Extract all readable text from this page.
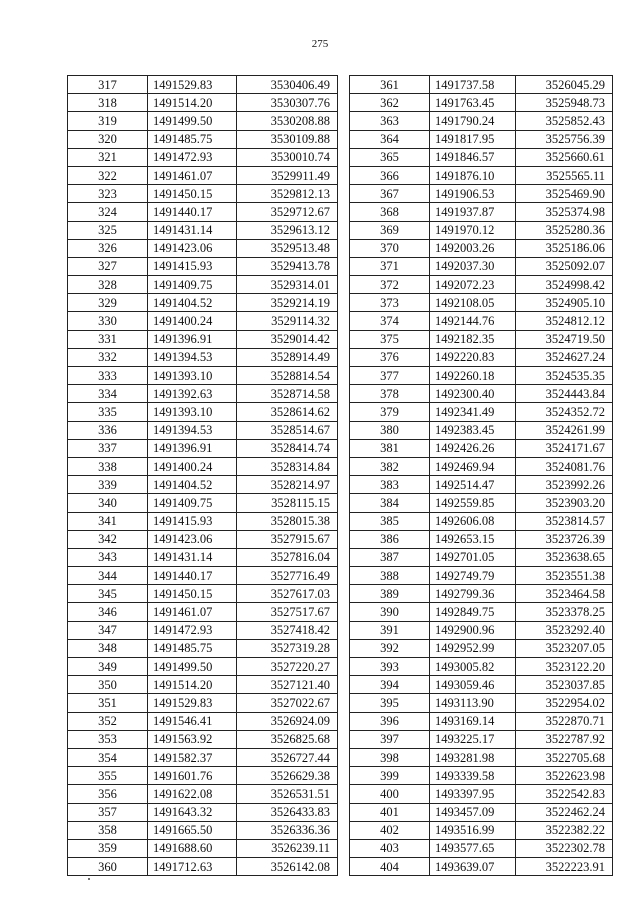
275
317	1491529.83	3530406.49
318	1491514.20	3530307.76
319	1491499.50	3530208.88
320	1491485.75	3530109.88
321	1491472.93	3530010.74
322	1491461.07	3529911.49
323	1491450.15	3529812.13
324	1491440.17	3529712.67
325	1491431.14	3529613.12
326	1491423.06	3529513.48
327	1491415.93	3529413.78
328	1491409.75	3529314.01
329	1491404.52	3529214.19
330	1491400.24	3529114.32
331	1491396.91	3529014.42
332	1491394.53	3528914.49
333	1491393.10	3528814.54
334	1491392.63	3528714.58
335	1491393.10	3528614.62
336	1491394.53	3528514.67
337	1491396.91	3528414.74
338	1491400.24	3528314.84
339	1491404.52	3528214.97
340	1491409.75	3528115.15
341	1491415.93	3528015.38
342	1491423.06	3527915.67
343	1491431.14	3527816.04
344	1491440.17	3527716.49
345	1491450.15	3527617.03
346	1491461.07	3527517.67
347	1491472.93	3527418.42
348	1491485.75	3527319.28
349	1491499.50	3527220.27
350	1491514.20	3527121.40
351	1491529.83	3527022.67
352	1491546.41	3526924.09
353	1491563.92	3526825.68
354	1491582.37	3526727.44
355	1491601.76	3526629.38
356	1491622.08	3526531.51
357	1491643.32	3526433.83
358	1491665.50	3526336.36
359	1491688.60	3526239.11
360	1491712.63	3526142.08
361	1491737.58	3526045.29
362	1491763.45	3525948.73
363	1491790.24	3525852.43
364	1491817.95	3525756.39
365	1491846.57	3525660.61
366	1491876.10	3525565.11
367	1491906.53	3525469.90
368	1491937.87	3525374.98
369	1491970.12	3525280.36
370	1492003.26	3525186.06
371	1492037.30	3525092.07
372	1492072.23	3524998.42
373	1492108.05	3524905.10
374	1492144.76	3524812.12
375	1492182.35	3524719.50
376	1492220.83	3524627.24
377	1492260.18	3524535.35
378	1492300.40	3524443.84
379	1492341.49	3524352.72
380	1492383.45	3524261.99
381	1492426.26	3524171.67
382	1492469.94	3524081.76
383	1492514.47	3523992.26
384	1492559.85	3523903.20
385	1492606.08	3523814.57
386	1492653.15	3523726.39
387	1492701.05	3523638.65
388	1492749.79	3523551.38
389	1492799.36	3523464.58
390	1492849.75	3523378.25
391	1492900.96	3523292.40
392	1492952.99	3523207.05
393	1493005.82	3523122.20
394	1493059.46	3523037.85
395	1493113.90	3522954.02
396	1493169.14	3522870.71
397	1493225.17	3522787.92
398	1493281.98	3522705.68
399	1493339.58	3522623.98
400	1493397.95	3522542.83
401	1493457.09	3522462.24
402	1493516.99	3522382.22
403	1493577.65	3522302.78
404	1493639.07	3522223.91
